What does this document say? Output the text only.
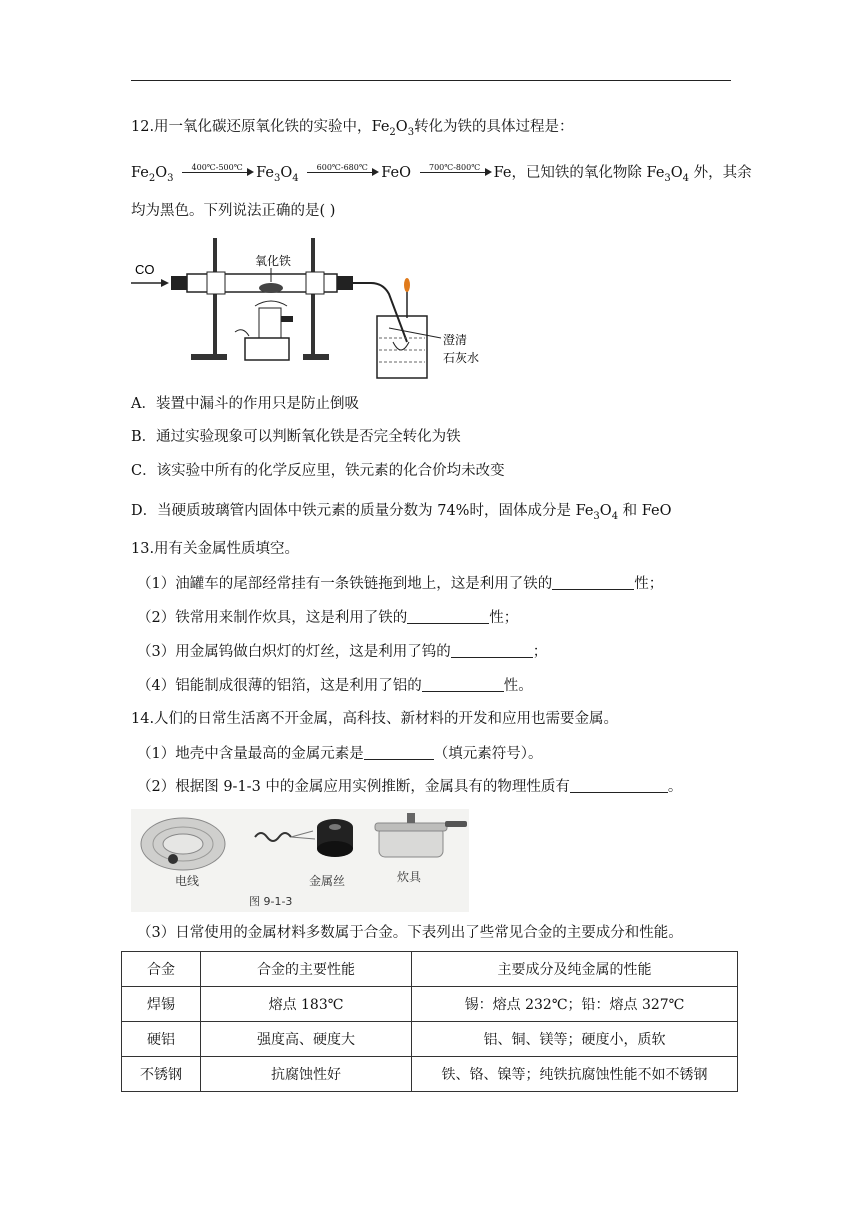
12.用一氧化碳还原氧化铁的实验中，$Fe_2O_3$转化为铁的具体过程是：
$Fe_2O_3$
400℃-500℃ $Fe_3O_4$
600℃-680℃ FeO	700℃-800℃ Fe，已知铁的氧化物除 $Fe_3O_4$ 外，其余
均为黑色。下列说法正确的是( )
CO
氧化铁
澄清
石灰水
A．装置中漏斗的作用只是防止倒吸
B．通过实验现象可以判断氧化铁是否完全转化为铁
C．该实验中所有的化学反应里，铁元素的化合价均未改变
D．当硬质玻璃管内固体中铁元素的质量分数为 74%时，固体成分是 $Fe_3O_4$ 和 FeO
13.用有关金属性质填空。
（1）油罐车的尾部经常挂有一条铁链拖到地上，这是利用了铁的	性；
（2）铁常用来制作炊具，这是利用了铁的	性；
（3）用金属钨做白炽灯的灯丝，这是利用了钨的	；
（4）铝能制成很薄的铝箔，这是利用了铝的	性。
14.人们的日常生活离不开金属，高科技、新材料的开发和应用也需要金属。
（1）地壳中含量最高的金属元素是	（填元素符号）。
（2）根据图 9-1-3 中的金属应用实例推断，金属具有的物理性质有	。
电线	金属丝	炊具
图 9-1-3
（3）日常使用的金属材料多数属于合金。下表列出了些常见合金的主要成分和性能。
合金	合金的主要性能	主要成分及纯金属的性能
焊锡	熔点 183℃	锡：熔点 232℃；铅：熔点 327℃
硬铝	强度高、硬度大	铝、铜、镁等；硬度小，质软
不锈钢	抗腐蚀性好	铁、铬、镍等；纯铁抗腐蚀性能不如不锈钢
